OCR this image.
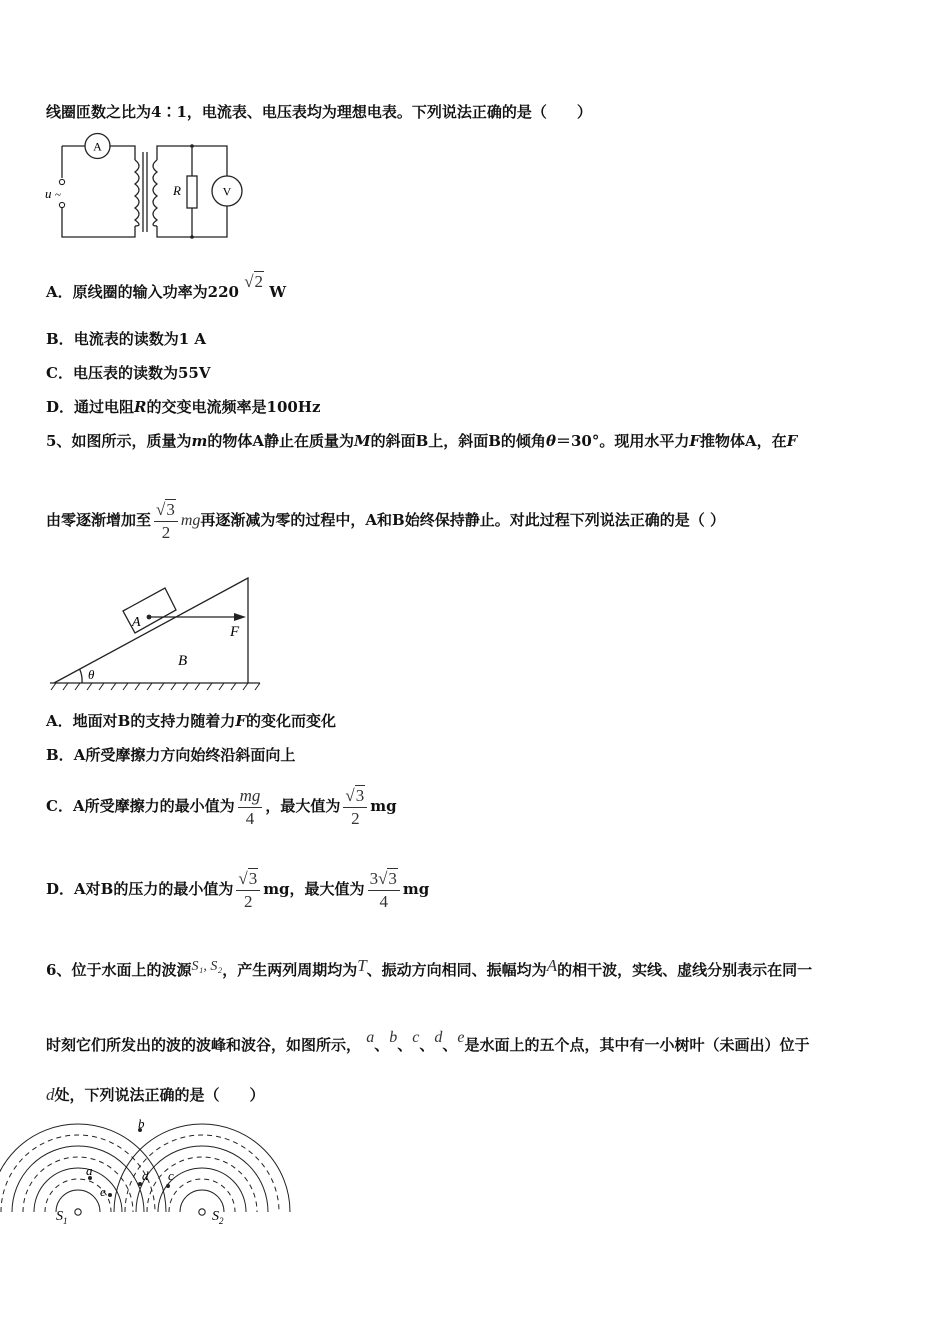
线圈匝数之比为4∶1，电流表、电压表均为理想电表。下列说法正确的是（　　）
A
V
R
u ~
A．原线圈的输入功率为220 √2 W
B．电流表的读数为1 A
C．电压表的读数为55V
D．通过电阻R的交变电流频率是100Hz
5、如图所示，质量为m的物体A静止在质量为M的斜面B上，斜面B的倾角θ＝30°。现用水平力F推物体A，在F
由零逐渐增加至 $\frac{√3}{2}$ mg再逐渐减为零的过程中，A和B始终保持静止。对此过程下列说法正确的是（ ）
A
B
F
θ
A．地面对B的支持力随着力F的变化而变化
B．A所受摩擦力方向始终沿斜面向上
C．A所受摩擦力的最小值为 $\frac{mg}{4}$ ，最大值为 $\frac{√3}{2}$ mg
D．A对B的压力的最小值为 $\frac{√3}{2}$ mg，最大值为 $\frac{3√3}{4}$ mg
6、位于水面上的波源S₁, S₂，产生两列周期均为T、振动方向相同、振幅均为A的相干波，实线、虚线分别表示在同一
时刻它们所发出的波的波峰和波谷，如图所示， a、b、c、d、e是水面上的五个点，其中有一小树叶（未画出）位于
d处，下列说法正确的是（　　）
$S_1$	$S_2$
a
b
c
d
e
